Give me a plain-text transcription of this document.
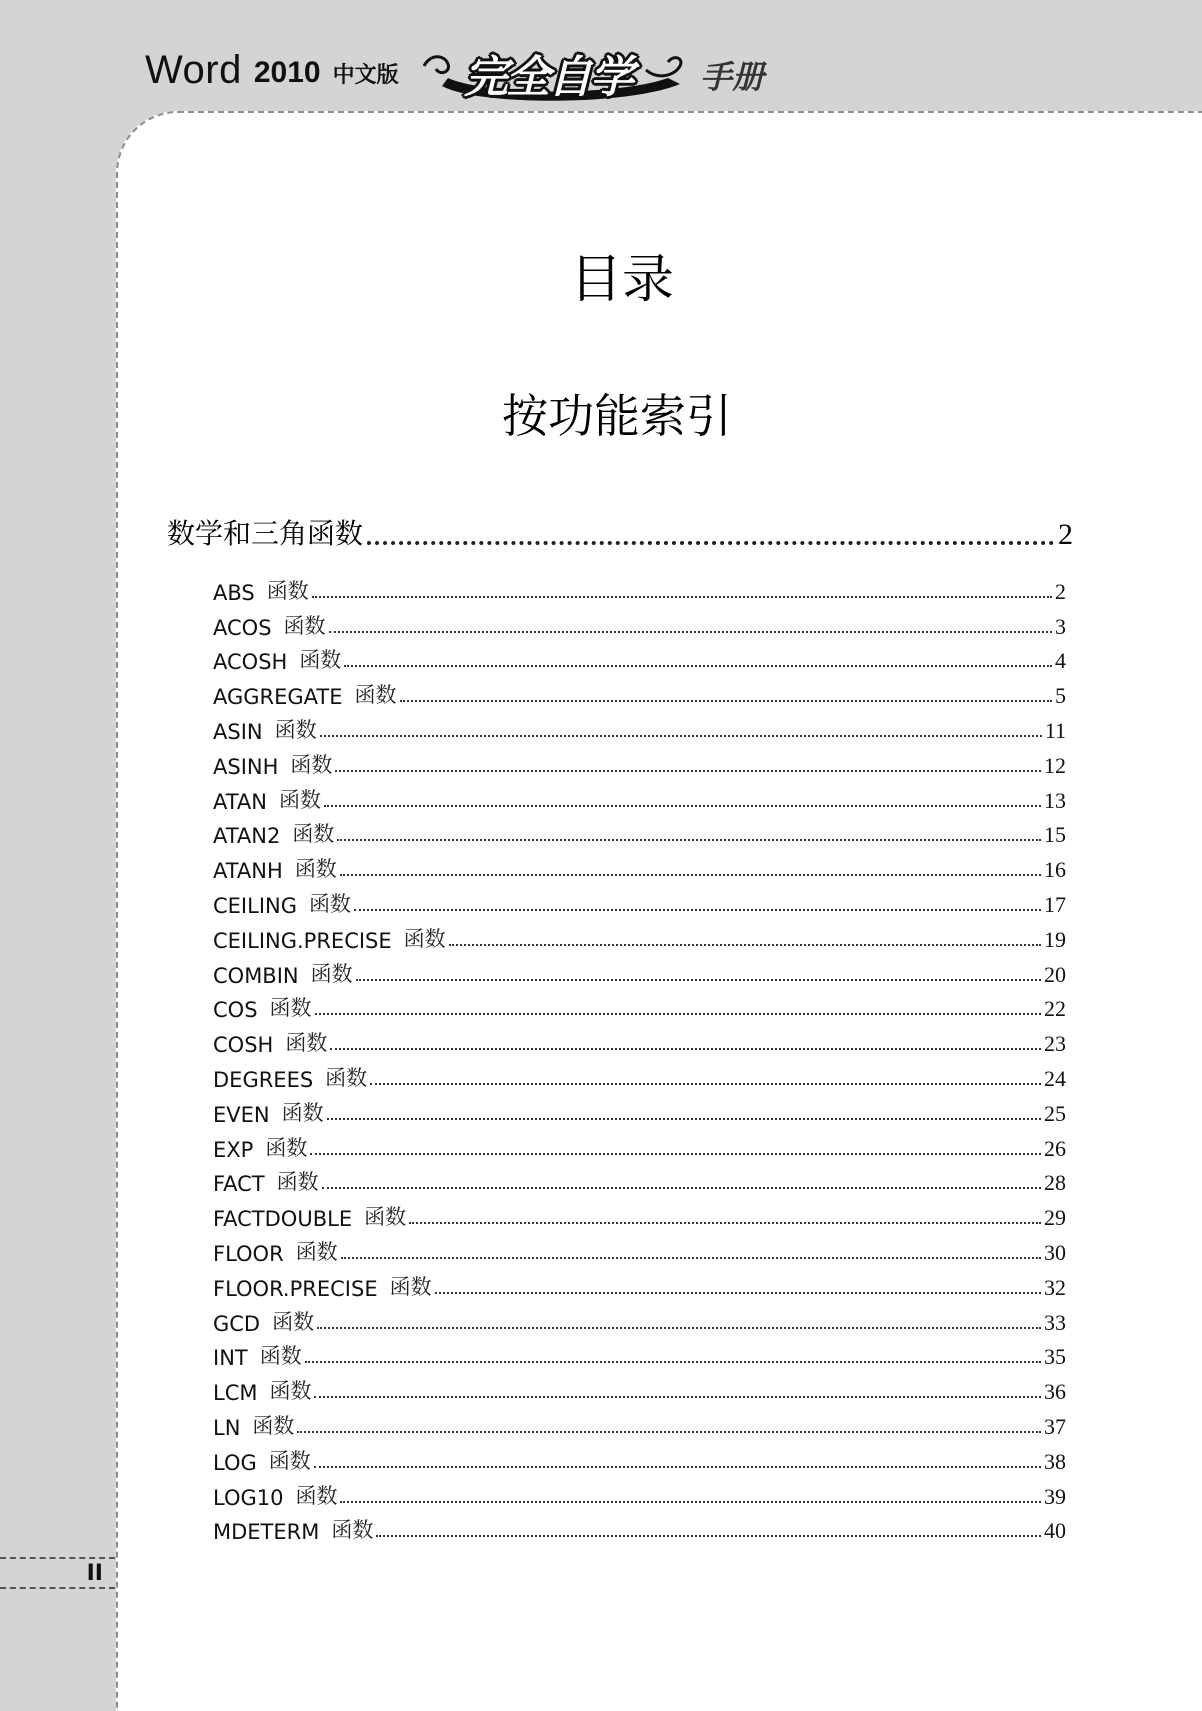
Word 2010 中文版 完全自学 手册
II
目录
按功能索引
数学和三角函数	2
ABS 函数	2
ACOS 函数	3
ACOSH 函数	4
AGGREGATE 函数	5
ASIN 函数	11
ASINH 函数	12
ATAN 函数	13
ATAN2 函数	15
ATANH 函数	16
CEILING 函数	17
CEILING.PRECISE 函数	19
COMBIN 函数	20
COS 函数	22
COSH 函数	23
DEGREES 函数	24
EVEN 函数	25
EXP 函数	26
FACT 函数	28
FACTDOUBLE 函数	29
FLOOR 函数	30
FLOOR.PRECISE 函数	32
GCD 函数	33
INT 函数	35
LCM 函数	36
LN 函数	37
LOG 函数	38
LOG10 函数	39
MDETERM 函数	40
